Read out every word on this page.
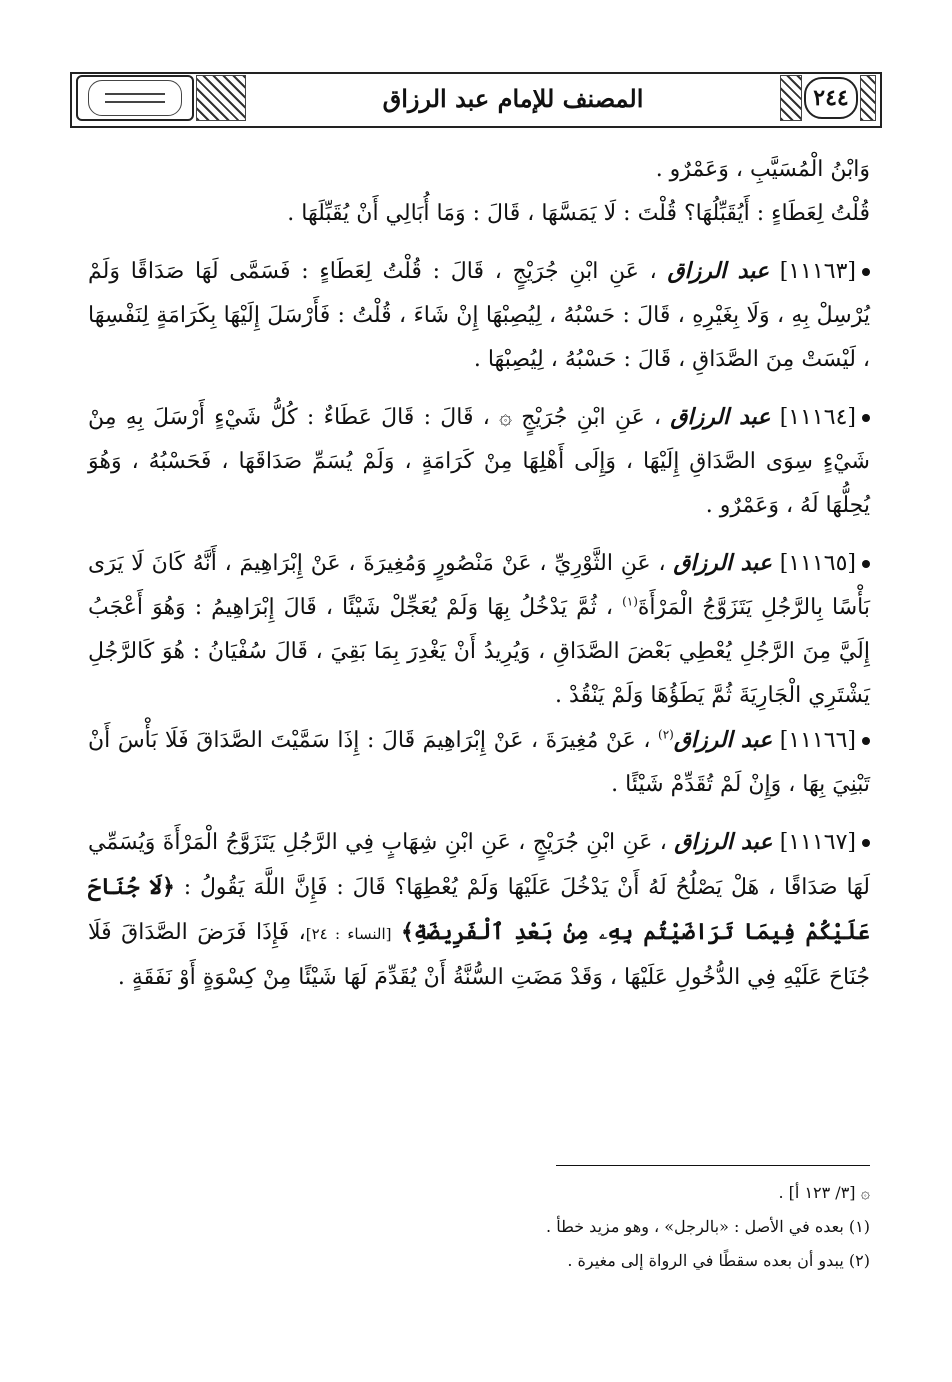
المصنف للإمام عبد الرزاق	٢٤٤

وَابْنُ الْمُسَيَّبِ ، وَعَمْرٌو .

قُلْتُ لِعَطَاءٍ : أَيُقَبِّلُهَا؟ قُلْتَ : لَا يَمَسَّهَا ، قَالَ : وَمَا أُبَالِي أَنْ يُقَبِّلَهَا .

[١١١٦٣] عبد الرزاق ، عَنِ ابْنِ جُرَيْجٍ ، قَالَ : قُلْتُ لِعَطَاءٍ : فَسَمَّى لَهَا صَدَاقًا وَلَمْ يُرْسِلْ بِهِ ، وَلَا بِغَيْرِهِ ، قَالَ : حَسْبُهُ ، لِيُصِبْهَا إِنْ شَاءَ ، قُلْتُ : فَأَرْسَلَ إِلَيْهَا بِكَرَامَةٍ لِنَفْسِهَا ، لَيْسَتْ مِنَ الصَّدَاقِ ، قَالَ : حَسْبُهُ ، لِيُصِبْهَا .

[١١١٦٤] عبد الرزاق ، عَنِ ابْنِ جُرَيْجٍ ۞ ، قَالَ : قَالَ عَطَاءٌ : كُلُّ شَيْءٍ أَرْسَلَ بِهِ مِنْ شَيْءٍ سِوَى الصَّدَاقِ إِلَيْهَا ، وَإِلَى أَهْلِهَا مِنْ كَرَامَةٍ ، وَلَمْ يُسَمِّ صَدَاقَهَا ، فَحَسْبُهُ ، وَهُوَ يُحِلُّهَا لَهُ ، وَعَمْرٌو .

[١١١٦٥] عبد الرزاق ، عَنِ الثَّوْرِيِّ ، عَنْ مَنْصُورٍ وَمُغِيرَةَ ، عَنْ إِبْرَاهِيمَ ، أَنَّهُ كَانَ لَا يَرَى بَأْسًا بِالرَّجُلِ يَتَزَوَّجُ الْمَرْأَةَ$^{(١)}$ ، ثُمَّ يَدْخُلُ بِهَا وَلَمْ يُعَجِّلْ شَيْئًا ، قَالَ إِبْرَاهِيمُ : وَهُوَ أَعْجَبُ إِلَيَّ مِنَ الرَّجُلِ يُعْطِي بَعْضَ الصَّدَاقِ ، وَيُرِيدُ أَنْ يَغْدِرَ بِمَا بَقِيَ ، قَالَ سُفْيَانُ : هُوَ كَالرَّجُلِ يَشْتَرِي الْجَارِيَةَ ثُمَّ يَطَؤُهَا وَلَمْ يَنْقُدْ .

[١١١٦٦] عبد الرزاق$^{(٢)}$ ، عَنْ مُغِيرَةَ ، عَنْ إِبْرَاهِيمَ قَالَ : إِذَا سَمَّيْتَ الصَّدَاقَ فَلَا بَأْسَ أَنْ تَبْنِيَ بِهَا ، وَإِنْ لَمْ تُقَدِّمْ شَيْئًا .

[١١١٦٧] عبد الرزاق ، عَنِ ابْنِ جُرَيْجٍ ، عَنِ ابْنِ شِهَابٍ فِي الرَّجُلِ يَتَزَوَّجُ الْمَرْأَةَ وَيُسَمِّي لَهَا صَدَاقًا ، هَلْ يَصْلُحُ لَهُ أَنْ يَدْخُلَ عَلَيْهَا وَلَمْ يُعْطِهَا؟ قَالَ : فَإِنَّ اللَّهَ يَقُولُ : ﴿لَا جُنَاحَ عَلَيْكُمْ فِيمَا تَرَاضَيْتُم بِهِۦ مِنۢ بَعْدِ ٱلْفَرِيضَةِ﴾ [النساء : ٢٤]، فَإِذَا فَرَضَ الصَّدَاقَ فَلَا جُنَاحَ عَلَيْهِ فِي الدُّخُولِ عَلَيْهَا ، وَقَدْ مَضَتِ السُّنَّةُ أَنْ يُقَدِّمَ لَهَا شَيْئًا مِنْ كِسْوَةٍ أَوْ نَفَقَةٍ .

۞ [٣/ ١٢٣ أ] .

(١) بعده في الأصل : «بالرجل» ، وهو مزيد خطأ .

(٢) يبدو أن بعده سقطًا في الرواة إلى مغيرة .
